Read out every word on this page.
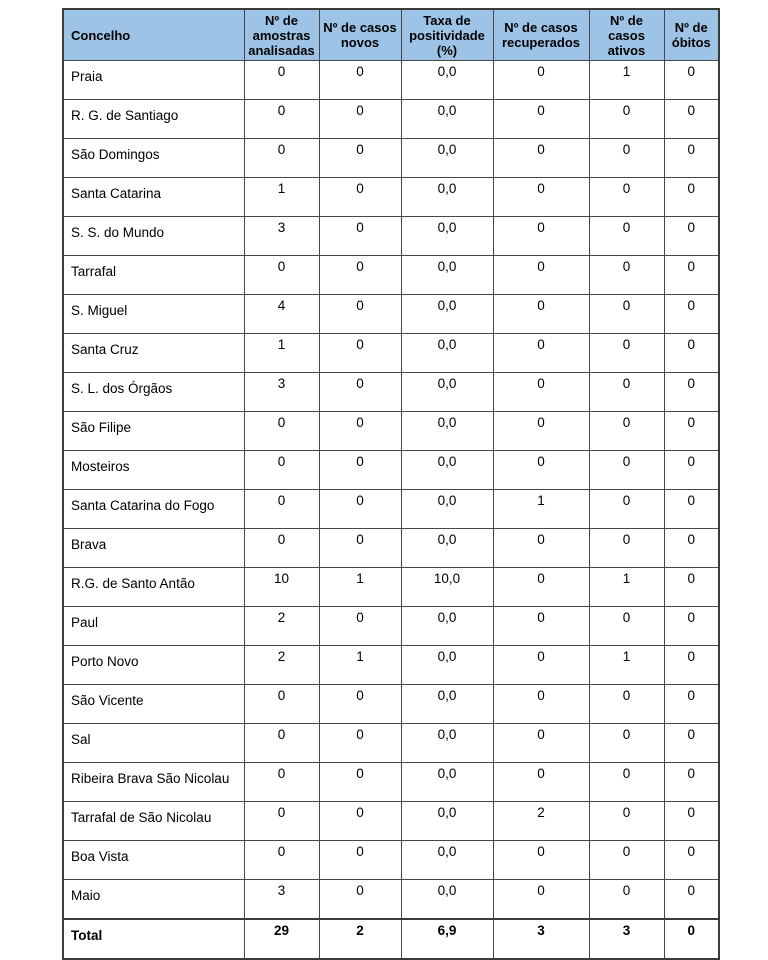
Concelho	Nº de amostras analisadas	Nº de casos novos	Taxa de positividade (%)	Nº de casos recuperados	Nº de casos ativos	Nº de óbitos
Praia	0	0	0,0	0	1	0
R. G. de Santiago	0	0	0,0	0	0	0
São Domingos	0	0	0,0	0	0	0
Santa Catarina	1	0	0,0	0	0	0
S. S. do Mundo	3	0	0,0	0	0	0
Tarrafal	0	0	0,0	0	0	0
S. Miguel	4	0	0,0	0	0	0
Santa Cruz	1	0	0,0	0	0	0
S. L. dos Órgãos	3	0	0,0	0	0	0
São Filipe	0	0	0,0	0	0	0
Mosteiros	0	0	0,0	0	0	0
Santa Catarina do Fogo	0	0	0,0	1	0	0
Brava	0	0	0,0	0	0	0
R.G. de Santo Antão	10	1	10,0	0	1	0
Paul	2	0	0,0	0	0	0
Porto Novo	2	1	0,0	0	1	0
São Vicente	0	0	0,0	0	0	0
Sal	0	0	0,0	0	0	0
Ribeira Brava São Nicolau	0	0	0,0	0	0	0
Tarrafal de São Nicolau	0	0	0,0	2	0	0
Boa Vista	0	0	0,0	0	0	0
Maio	3	0	0,0	0	0	0
Total	29	2	6,9	3	3	0
